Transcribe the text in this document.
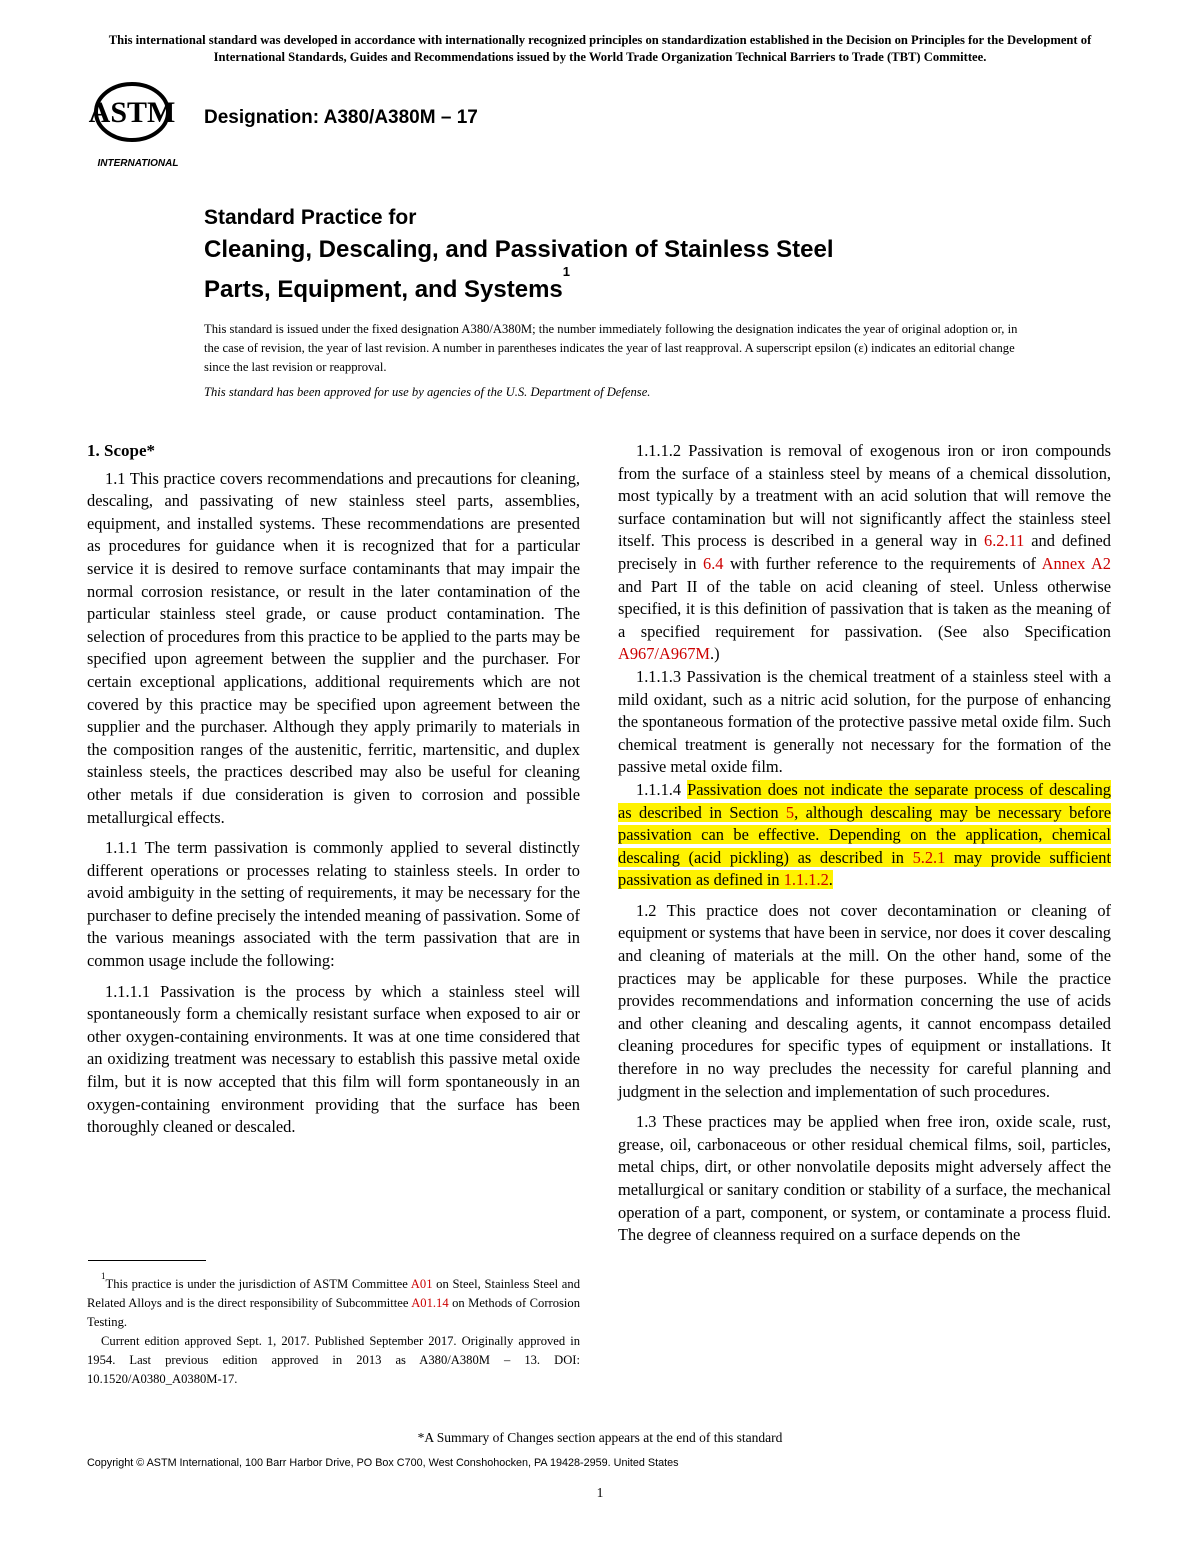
This international standard was developed in accordance with internationally recognized principles on standardization established in the Decision on Principles for the Development of International Standards, Guides and Recommendations issued by the World Trade Organization Technical Barriers to Trade (TBT) Committee.
ASTM
INTERNATIONAL
Designation: A380/A380M – 17
Standard Practice for
Cleaning, Descaling, and Passivation of Stainless Steel
Parts, Equipment, and Systems$^1$
This standard is issued under the fixed designation A380/A380M; the number immediately following the designation indicates the year of original adoption or, in the case of revision, the year of last revision. A number in parentheses indicates the year of last reapproval. A superscript epsilon (ε) indicates an editorial change since the last revision or reapproval.
This standard has been approved for use by agencies of the U.S. Department of Defense.
1. Scope*

1.1 This practice covers recommendations and precautions for cleaning, descaling, and passivating of new stainless steel parts, assemblies, equipment, and installed systems. These recommendations are presented as procedures for guidance when it is recognized that for a particular service it is desired to remove surface contaminants that may impair the normal corrosion resistance, or result in the later contamination of the particular stainless steel grade, or cause product contamination. The selection of procedures from this practice to be applied to the parts may be specified upon agreement between the supplier and the purchaser. For certain exceptional applications, additional requirements which are not covered by this practice may be specified upon agreement between the supplier and the purchaser. Although they apply primarily to materials in the composition ranges of the austenitic, ferritic, martensitic, and duplex stainless steels, the practices described may also be useful for cleaning other metals if due consideration is given to corrosion and possible metallurgical effects.

1.1.1 The term passivation is commonly applied to several distinctly different operations or processes relating to stainless steels. In order to avoid ambiguity in the setting of requirements, it may be necessary for the purchaser to define precisely the intended meaning of passivation. Some of the various meanings associated with the term passivation that are in common usage include the following:

1.1.1.1 Passivation is the process by which a stainless steel will spontaneously form a chemically resistant surface when exposed to air or other oxygen-containing environments. It was at one time considered that an oxidizing treatment was necessary to establish this passive metal oxide film, but it is now accepted that this film will form spontaneously in an oxygen-containing environment providing that the surface has been thoroughly cleaned or descaled.

1.1.1.2 Passivation is removal of exogenous iron or iron compounds from the surface of a stainless steel by means of a chemical dissolution, most typically by a treatment with an acid solution that will remove the surface contamination but will not significantly affect the stainless steel itself. This process is described in a general way in 6.2.11 and defined precisely in 6.4 with further reference to the requirements of Annex A2 and Part II of the table on acid cleaning of steel. Unless otherwise specified, it is this definition of passivation that is taken as the meaning of a specified requirement for passivation. (See also Specification A967/A967M.)

1.1.1.3 Passivation is the chemical treatment of a stainless steel with a mild oxidant, such as a nitric acid solution, for the purpose of enhancing the spontaneous formation of the protective passive metal oxide film. Such chemical treatment is generally not necessary for the formation of the passive metal oxide film.

1.1.1.4 Passivation does not indicate the separate process of descaling as described in Section 5, although descaling may be necessary before passivation can be effective. Depending on the application, chemical descaling (acid pickling) as described in 5.2.1 may provide sufficient passivation as defined in 1.1.1.2.

1.2 This practice does not cover decontamination or cleaning of equipment or systems that have been in service, nor does it cover descaling and cleaning of materials at the mill. On the other hand, some of the practices may be applicable for these purposes. While the practice provides recommendations and information concerning the use of acids and other cleaning and descaling agents, it cannot encompass detailed cleaning procedures for specific types of equipment or installations. It therefore in no way precludes the necessity for careful planning and judgment in the selection and implementation of such procedures.

1.3 These practices may be applied when free iron, oxide scale, rust, grease, oil, carbonaceous or other residual chemical films, soil, particles, metal chips, dirt, or other nonvolatile deposits might adversely affect the metallurgical or sanitary condition or stability of a surface, the mechanical operation of a part, component, or system, or contaminate a process fluid. The degree of cleanness required on a surface depends on the

$^1$This practice is under the jurisdiction of ASTM Committee A01 on Steel, Stainless Steel and Related Alloys and is the direct responsibility of Subcommittee A01.14 on Methods of Corrosion Testing.

Current edition approved Sept. 1, 2017. Published September 2017. Originally approved in 1954. Last previous edition approved in 2013 as A380/A380M – 13. DOI: 10.1520/A0380_A0380M-17.

*A Summary of Changes section appears at the end of this standard
Copyright © ASTM International, 100 Barr Harbor Drive, PO Box C700, West Conshohocken, PA 19428-2959. United States
1
